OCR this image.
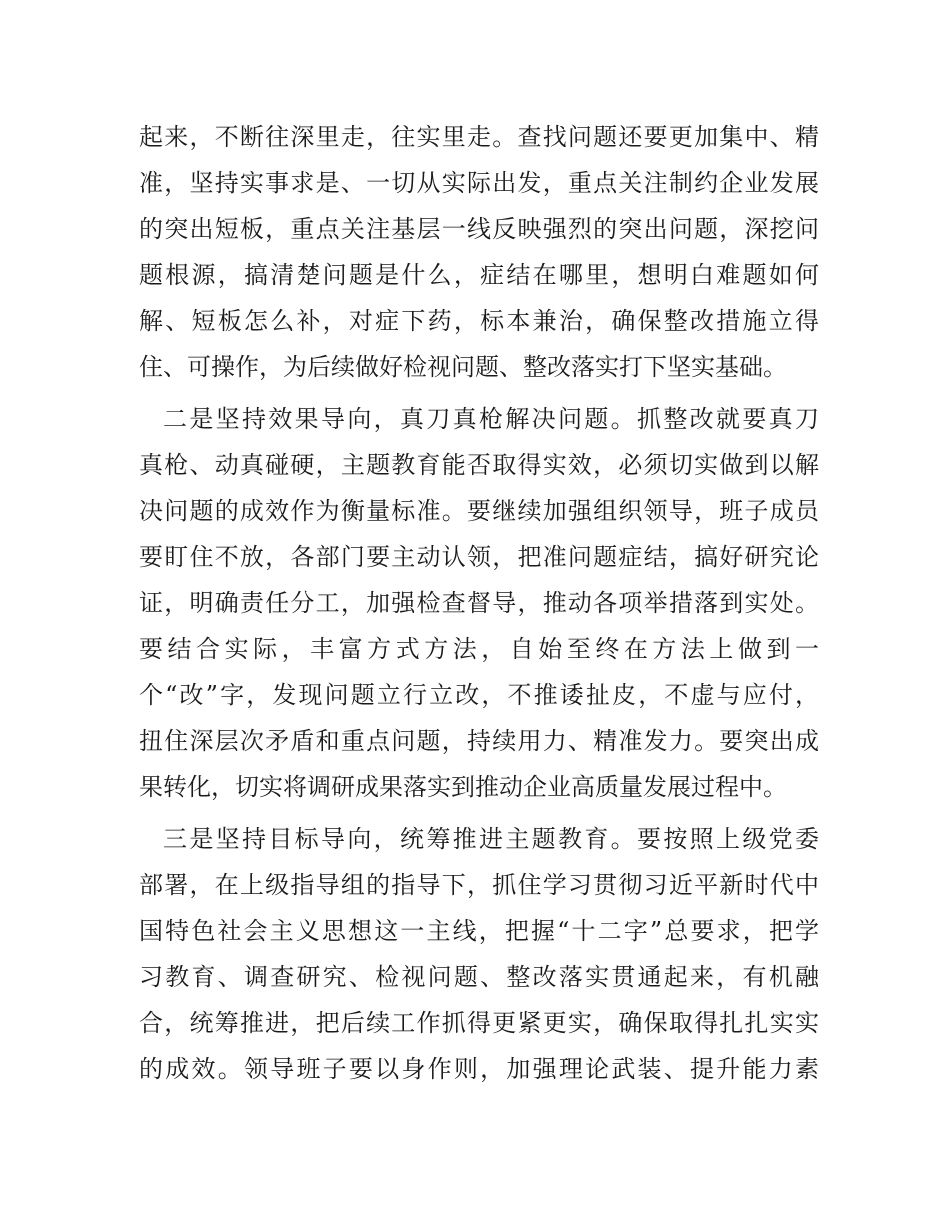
起来，不断往深里走，往实里走。查找问题还要更加集中、精
准，坚持实事求是、一切从实际出发，重点关注制约企业发展
的突出短板，重点关注基层一线反映强烈的突出问题，深挖问
题根源，搞清楚问题是什么，症结在哪里，想明白难题如何
解、短板怎么补，对症下药，标本兼治，确保整改措施立得
住、可操作，为后续做好检视问题、整改落实打下坚实基础。
二是坚持效果导向，真刀真枪解决问题。抓整改就要真刀
真枪、动真碰硬，主题教育能否取得实效，必须切实做到以解
决问题的成效作为衡量标准。要继续加强组织领导，班子成员
要盯住不放，各部门要主动认领，把准问题症结，搞好研究论
证，明确责任分工，加强检查督导，推动各项举措落到实处。
要结合实际，丰富方式方法，自始至终在方法上做到一
个“改”字，发现问题立行立改，不推诿扯皮，不虚与应付，
扭住深层次矛盾和重点问题，持续用力、精准发力。要突出成
果转化，切实将调研成果落实到推动企业高质量发展过程中。
三是坚持目标导向，统筹推进主题教育。要按照上级党委
部署，在上级指导组的指导下，抓住学习贯彻习近平新时代中
国特色社会主义思想这一主线，把握“十二字”总要求，把学
习教育、调查研究、检视问题、整改落实贯通起来，有机融
合，统筹推进，把后续工作抓得更紧更实，确保取得扎扎实实
的成效。领导班子要以身作则，加强理论武装、提升能力素
